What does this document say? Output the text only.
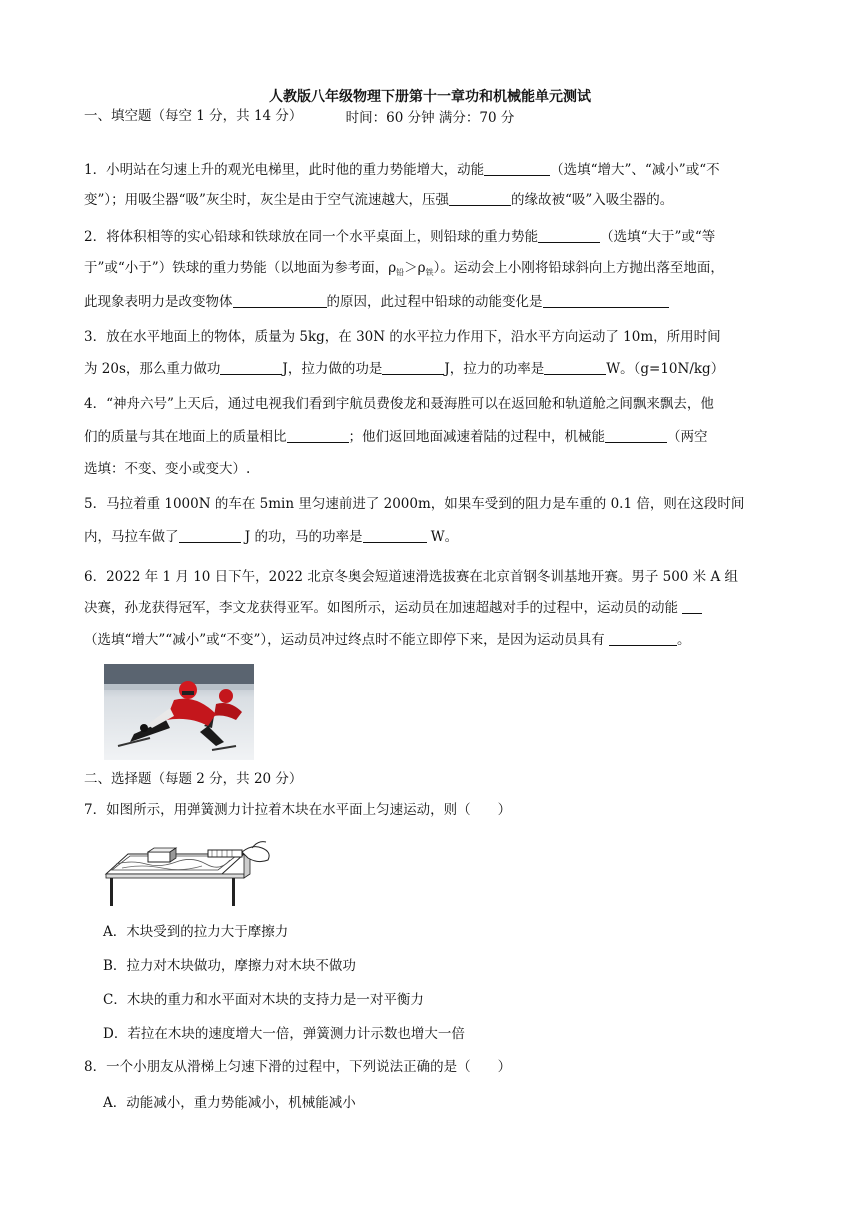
人教版八年级物理下册第十一章功和机械能单元测试
时间：60 分钟 满分：70 分
一、填空题（每空 1 分，共 14 分）
1．小明站在匀速上升的观光电梯里，此时他的重力势能增大，动能	（选填“增大”、“减小”或“不
变”）；用吸尘器“吸”灰尘时，灰尘是由于空气流速越大，压强	的缘故被“吸”入吸尘器的。
2．将体积相等的实心铅球和铁球放在同一个水平桌面上，则铅球的重力势能	（选填“大于”或“等
于”或“小于”）铁球的重力势能（以地面为参考面，$\rho_铅>\rho_铁$）。运动会上小刚将铅球斜向上方抛出落至地面，
此现象表明力是改变物体	的原因，此过程中铅球的动能变化是
3．放在水平地面上的物体，质量为 5kg，在 30N 的水平拉力作用下，沿水平方向运动了 10m，所用时间
为 20s，那么重力做功	J，拉力做的功是	J，拉力的功率是	W。（g=10N/kg）
4．“神舟六号”上天后，通过电视我们看到宇航员费俊龙和聂海胜可以在返回舱和轨道舱之间飘来飘去，他
们的质量与其在地面上的质量相比	；他们返回地面减速着陆的过程中，机械能	（两空
选填：不变、变小或变大）.
5．马拉着重 1000N 的车在 5min 里匀速前进了 2000m，如果车受到的阻力是车重的 0.1 倍，则在这段时间
内，马拉车做了	J 的功，马的功率是	W。
6．2022 年 1 月 10 日下午，2022 北京冬奥会短道速滑选拔赛在北京首钢冬训基地开赛。男子 500 米 A 组
决赛，孙龙获得冠军，李文龙获得亚军。如图所示，运动员在加速超越对手的过程中，运动员的动能
（选填“增大”“减小”或“不变”），运动员冲过终点时不能立即停下来，是因为运动员具有	。
二、选择题（每题 2 分，共 20 分）
7．如图所示，用弹簧测力计拉着木块在水平面上匀速运动，则（　　）
A．木块受到的拉力大于摩擦力
B．拉力对木块做功，摩擦力对木块不做功
C．木块的重力和水平面对木块的支持力是一对平衡力
D．若拉在木块的速度增大一倍，弹簧测力计示数也增大一倍
8．一个小朋友从滑梯上匀速下滑的过程中，下列说法正确的是（　　）
A．动能减小，重力势能减小，机械能减小
